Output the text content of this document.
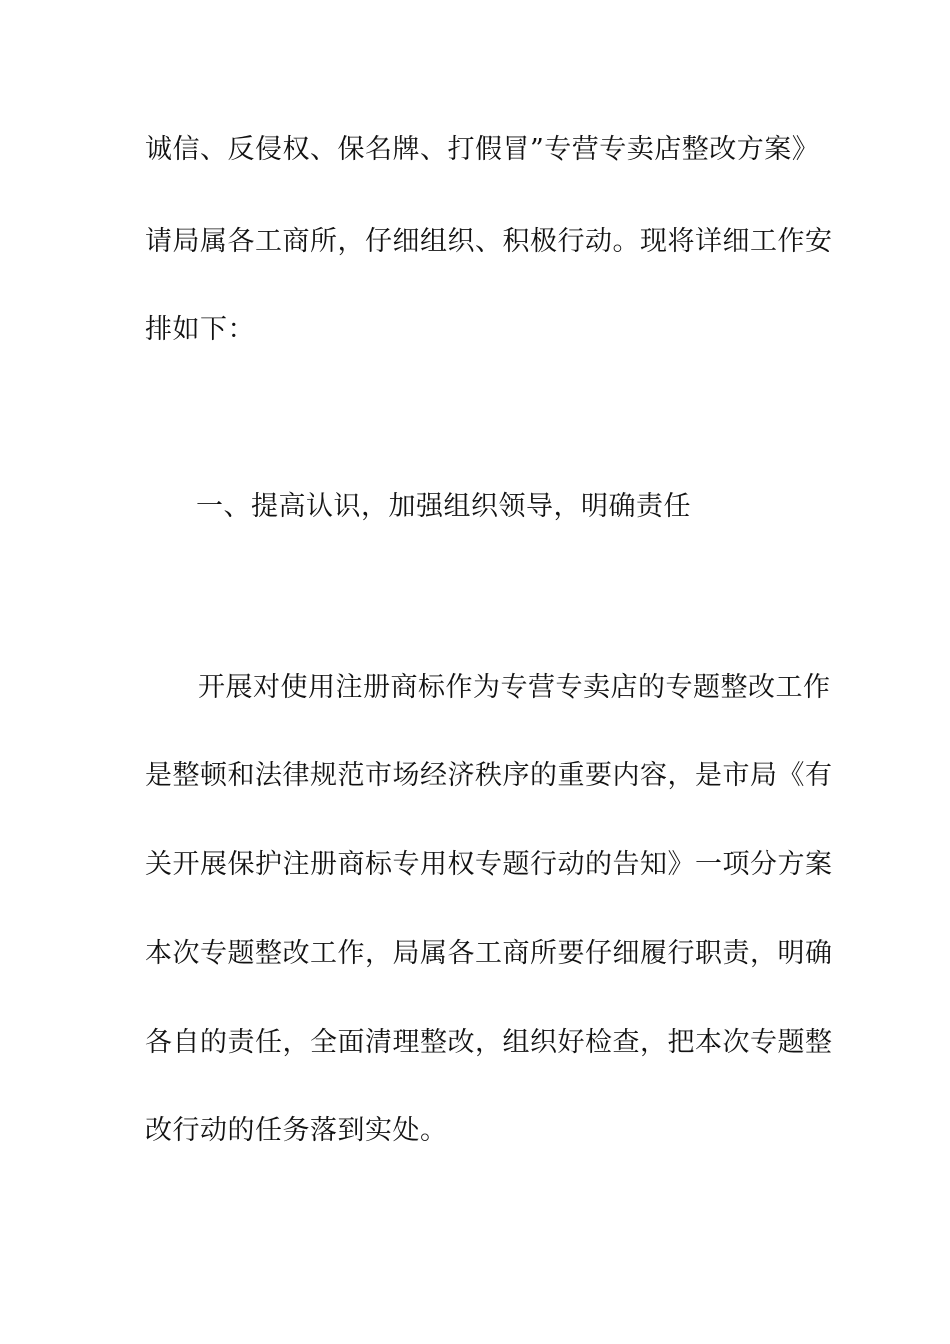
诚信、反侵权、保名牌、打假冒”专营专卖店整改方案》
请局属各工商所，仔细组织、积极行动。现将详细工作安
排如下：
一、提高认识，加强组织领导，明确责任
开展对使用注册商标作为专营专卖店的专题整改工作
是整顿和法律规范市场经济秩序的重要内容，是市局《有
关开展保护注册商标专用权专题行动的告知》一项分方案
本次专题整改工作，局属各工商所要仔细履行职责，明确
各自的责任，全面清理整改，组织好检查，把本次专题整
改行动的任务落到实处。
